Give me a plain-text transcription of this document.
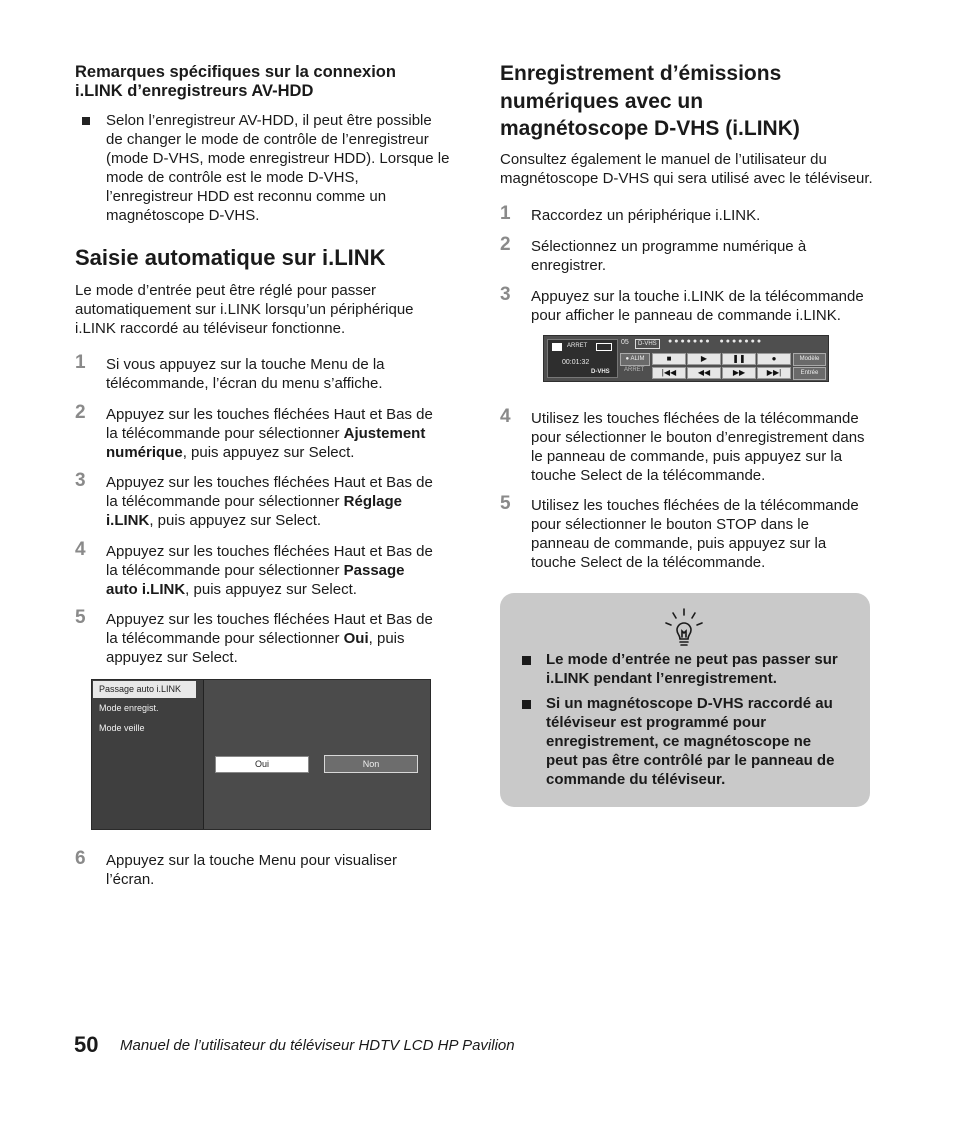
Remarques spécifiques sur la connexion

i.LINK d’enregistreurs AV-HDD

Selon l’enregistreur AV-HDD, il peut être possible

de changer le mode de contrôle de l’enregistreur

(mode D-VHS, mode enregistreur HDD). Lorsque le

mode de contrôle est le mode D-VHS,

l’enregistreur HDD est reconnu comme un

magnétoscope D-VHS.

Saisie automatique sur i.LINK

Le mode d’entrée peut être réglé pour passer

automatiquement sur i.LINK lorsqu’un périphérique

i.LINK raccordé au téléviseur fonctionne.

1	Si vous appuyez sur la touche Menu de la
télécommande, l’écran du menu s’affiche.
2	Appuyez sur les touches fléchées Haut et Bas de
la télécommande pour sélectionner Ajustement
numérique, puis appuyez sur Select.
3	Appuyez sur les touches fléchées Haut et Bas de
la télécommande pour sélectionner Réglage
i.LINK, puis appuyez sur Select.
4	Appuyez sur les touches fléchées Haut et Bas de
la télécommande pour sélectionner Passage
auto i.LINK, puis appuyez sur Select.
5	Appuyez sur les touches fléchées Haut et Bas de
la télécommande pour sélectionner Oui, puis
appuyez sur Select.
Passage auto i.LINK
Mode enregist.
Mode veille
Oui	Non
6	Appuyez sur la touche Menu pour visualiser
l’écran.

Enregistrement d’émissions

numériques avec un

magnétoscope D-VHS (i.LINK)

Consultez également le manuel de l’utilisateur du

magnétoscope D-VHS qui sera utilisé avec le téléviseur.

1	Raccordez un périphérique i.LINK.
2	Sélectionnez un programme numérique à
enregistrer.
3	Appuyez sur la touche i.LINK de la télécommande
pour afficher le panneau de commande i.LINK.
ARRET
00:01:32
D-VHS
05	D-VHS	●●●●●●●  ●●●●●●●
● ALIM
ARRET
■	▶	❚❚	●
|◀◀	◀◀	▶▶	▶▶|
Modèle
Entrée
4	Utilisez les touches fléchées de la télécommande
pour sélectionner le bouton d’enregistrement dans
le panneau de commande, puis appuyez sur la
touche Select de la télécommande.
5	Utilisez les touches fléchées de la télécommande
pour sélectionner le bouton STOP dans le
panneau de commande, puis appuyez sur la
touche Select de la télécommande.
Le mode d’entrée ne peut pas passer sur
i.LINK pendant l’enregistrement.
Si un magnétoscope D-VHS raccordé au
téléviseur est programmé pour
enregistrement, ce magnétoscope ne
peut pas être contrôlé par le panneau de
commande du téléviseur.
50 Manuel de l’utilisateur du téléviseur HDTV LCD HP Pavilion
